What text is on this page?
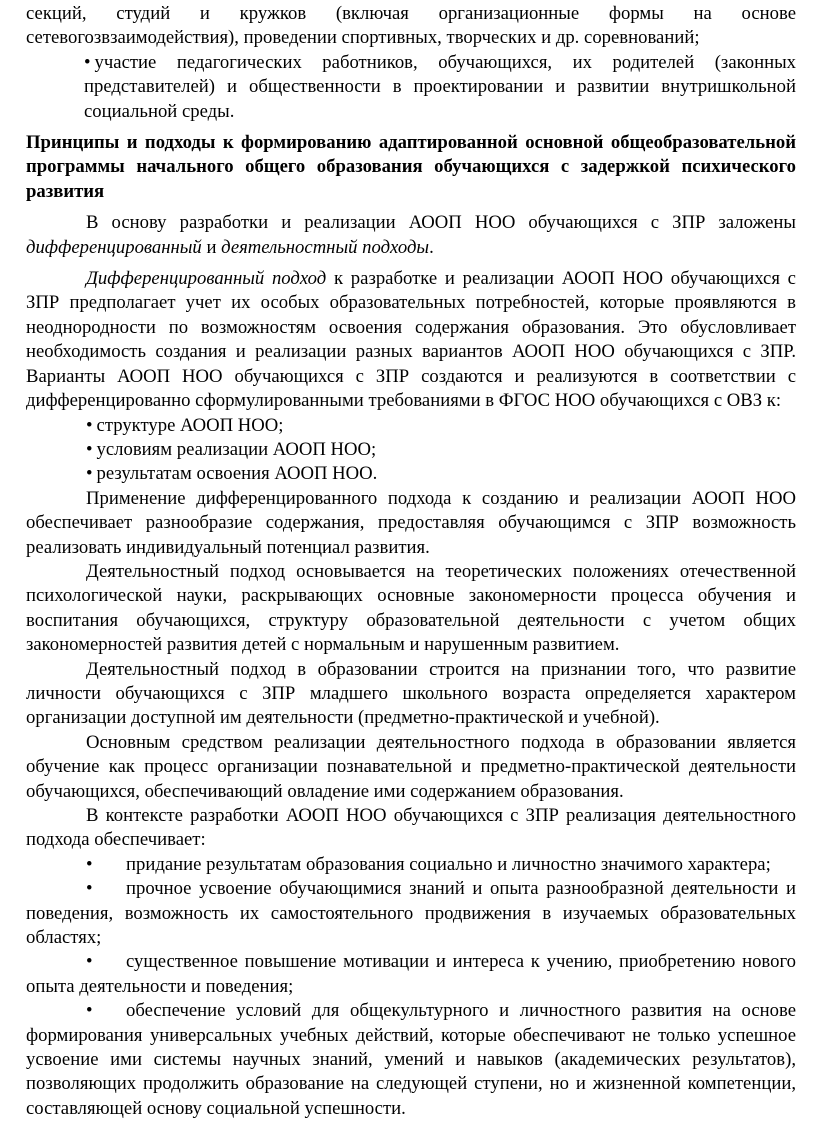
секций, студий и кружков (включая организационные формы на основе сетевогозвзаимодействия), проведении спортивных, творческих и др. соревнований;

• участие педагогических работников, обучающихся, их родителей (законных представителей) и общественности в проектировании и развитии внутришкольной социальной среды.

Принципы и подходы к формированию адаптированной основной общеобразовательной программы начального общего образования обучающихся с задержкой психического развития

В основу разработки и реализации АООП НОО обучающихся с ЗПР заложены дифференцированный и деятельностный подходы.

Дифференцированный подход к разработке и реализации АООП НОО обучающихся с ЗПР предполагает учет их особых образовательных потребностей, которые проявляются в неоднородности по возможностям освоения содержания образования. Это обусловливает необходимость создания и реализации разных вариантов АООП НОО обучающихся с ЗПР. Варианты АООП НОО обучающихся с ЗПР создаются и реализуются в соответствии с дифференцированно сформулированными требованиями в ФГОС НОО обучающихся с ОВЗ к:

• структуре АООП НОО;

• условиям реализации АООП НОО;

• результатам освоения АООП НОО.

Применение дифференцированного подхода к созданию и реализации АООП НОО обеспечивает разнообразие содержания, предоставляя обучающимся с ЗПР возможность реализовать индивидуальный потенциал развития.

Деятельностный подход основывается на теоретических положениях отечественной психологической науки, раскрывающих основные закономерности процесса обучения и воспитания обучающихся, структуру образовательной деятельности с учетом общих закономерностей развития детей с нормальным и нарушенным развитием.

Деятельностный подход в образовании строится на признании того, что развитие личности обучающихся с ЗПР младшего школьного возраста определяется характером организации доступной им деятельности (предметно-практической и учебной).

Основным средством реализации деятельностного подхода в образовании является обучение как процесс организации познавательной и предметно-практической деятельности обучающихся, обеспечивающий овладение ими содержанием образования.

В контексте разработки АООП НОО обучающихся с ЗПР реализация деятельностного подхода обеспечивает:

• придание результатам образования социально и личностно значимого характера;

• прочное усвоение обучающимися знаний и опыта разнообразной деятельности и поведения, возможность их самостоятельного продвижения в изучаемых образовательных областях;

• существенное повышение мотивации и интереса к учению, приобретению нового опыта деятельности и поведения;

• обеспечение условий для общекультурного и личностного развития на основе формирования универсальных учебных действий, которые обеспечивают не только успешное усвоение ими системы научных знаний, умений и навыков (академических результатов), позволяющих продолжить образование на следующей ступени, но и жизненной компетенции, составляющей основу социальной успешности.
